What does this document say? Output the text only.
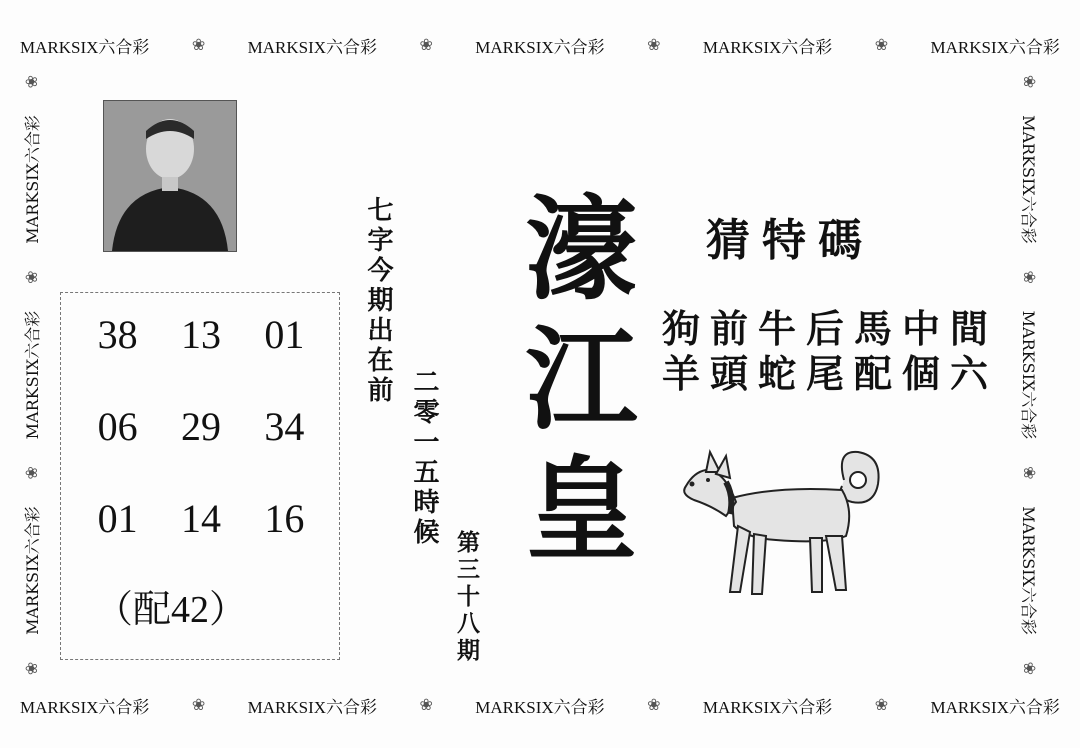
MARKSIX六合彩	❀ MARKSIX六合彩	❀ MARKSIX六合彩	❀ MARKSIX六合彩	❀ MARKSIX六合彩
MARKSIX六合彩	❀ MARKSIX六合彩	❀ MARKSIX六合彩	❀ MARKSIX六合彩	❀ MARKSIX六合彩
❀
MARKSIX六合彩
❀
MARKSIX六合彩
❀
MARKSIX六合彩
❀	❀
MARKSIX六合彩
❀
MARKSIX六合彩
❀
MARKSIX六合彩
❀
38	13	01
06	29	34
01	14	16
（配42）
七字今期出在前
二零一五時候
第三十八期
濠江皇	猜特碼
狗前牛后馬中間
羊頭蛇尾配個六
